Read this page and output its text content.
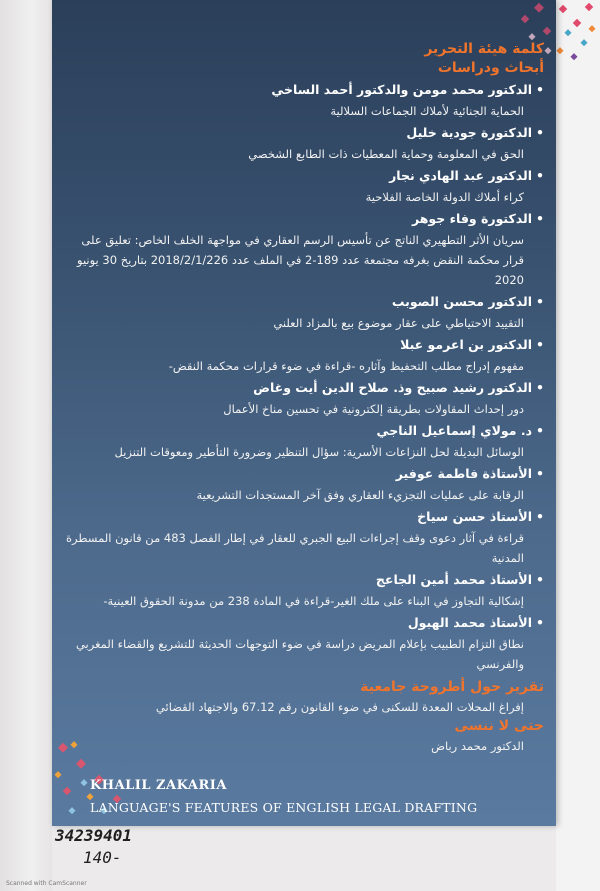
كلمة هيئة التحرير
أبحاث ودراسات
•الدكتور محمد مومن والدكتور أحمد الساخي
الحماية الجنائية لأملاك الجماعات السلالية
•الدكتورة جودية خليل
الحق في المعلومة وحماية المعطيات ذات الطابع الشخصي
•الدكتور عبد الهادي نجار
كراء أملاك الدولة الخاصة الفلاحية
•الدكتورة وفاء جوهر
سريان الأثر التطهيري الناتج عن تأسيس الرسم العقاري في مواجهة الخلف الخاص: تعليق على قرار محكمة النقض بغرفه مجتمعة عدد 189-2 في الملف عدد 2018/2/1/226 بتاريخ 30 يونيو 2020
•الدكتور محسن الصوبب
التقييد الاحتياطي على عقار موضوع بيع بالمزاد العلني
•الدكتور بن اعرمو عبلا
مفهوم إدراج مطلب التحفيظ وآثاره -قراءة في ضوء قرارات محكمة النقض-
•الدكتور رشيد صبيح وذ. صلاح الدين أيت وغاض
دور إحداث المقاولات بطريقة إلكترونية في تحسين مناخ الأعمال
•د. مولاي إسماعيل الناجي
الوسائل البديلة لحل النزاعات الأسرية: سؤال التنظير وضرورة التأطير ومعوقات التنزيل
•الأستاذة فاطمة عوفير
الرقابة على عمليات التجزيء العقاري وفق آخر المستجدات التشريعية
•الأستاذ حسن سياخ
قراءة في آثار دعوى وقف إجراءات البيع الجبري للعقار في إطار الفصل 483 من قانون المسطرة المدنية
•الأستاذ محمد أمين الجاعج
إشكالية التجاوز في البناء على ملك الغير-قراءة في المادة 238 من مدونة الحقوق العينية-
•الأستاذ محمد الهبول
نطاق التزام الطبيب بإعلام المريض دراسة في ضوء التوجهات الحديثة للتشريع والقضاء المغربي والفرنسي
تقرير حول أطروحة جامعية
إفراغ المحلات المعدة للسكنى في ضوء القانون رقم 67.12 والاجتهاد القضائي
حتى لا ننسى
الدكتور محمد رباض
KHALIL ZAKARIA
LANGUAGE'S FEATURES OF ENGLISH LEGAL DRAFTING
34239401
140-
Scanned with CamScanner
